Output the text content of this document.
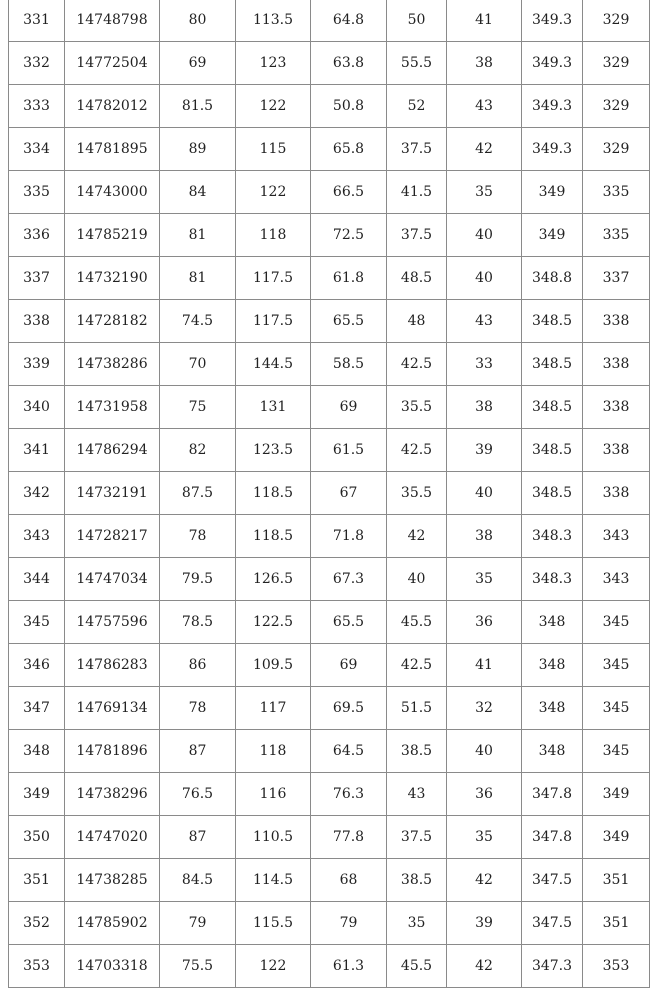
331	14748798	80	113.5	64.8	50	41	349.3	329
332	14772504	69	123	63.8	55.5	38	349.3	329
333	14782012	81.5	122	50.8	52	43	349.3	329
334	14781895	89	115	65.8	37.5	42	349.3	329
335	14743000	84	122	66.5	41.5	35	349	335
336	14785219	81	118	72.5	37.5	40	349	335
337	14732190	81	117.5	61.8	48.5	40	348.8	337
338	14728182	74.5	117.5	65.5	48	43	348.5	338
339	14738286	70	144.5	58.5	42.5	33	348.5	338
340	14731958	75	131	69	35.5	38	348.5	338
341	14786294	82	123.5	61.5	42.5	39	348.5	338
342	14732191	87.5	118.5	67	35.5	40	348.5	338
343	14728217	78	118.5	71.8	42	38	348.3	343
344	14747034	79.5	126.5	67.3	40	35	348.3	343
345	14757596	78.5	122.5	65.5	45.5	36	348	345
346	14786283	86	109.5	69	42.5	41	348	345
347	14769134	78	117	69.5	51.5	32	348	345
348	14781896	87	118	64.5	38.5	40	348	345
349	14738296	76.5	116	76.3	43	36	347.8	349
350	14747020	87	110.5	77.8	37.5	35	347.8	349
351	14738285	84.5	114.5	68	38.5	42	347.5	351
352	14785902	79	115.5	79	35	39	347.5	351
353	14703318	75.5	122	61.3	45.5	42	347.3	353
